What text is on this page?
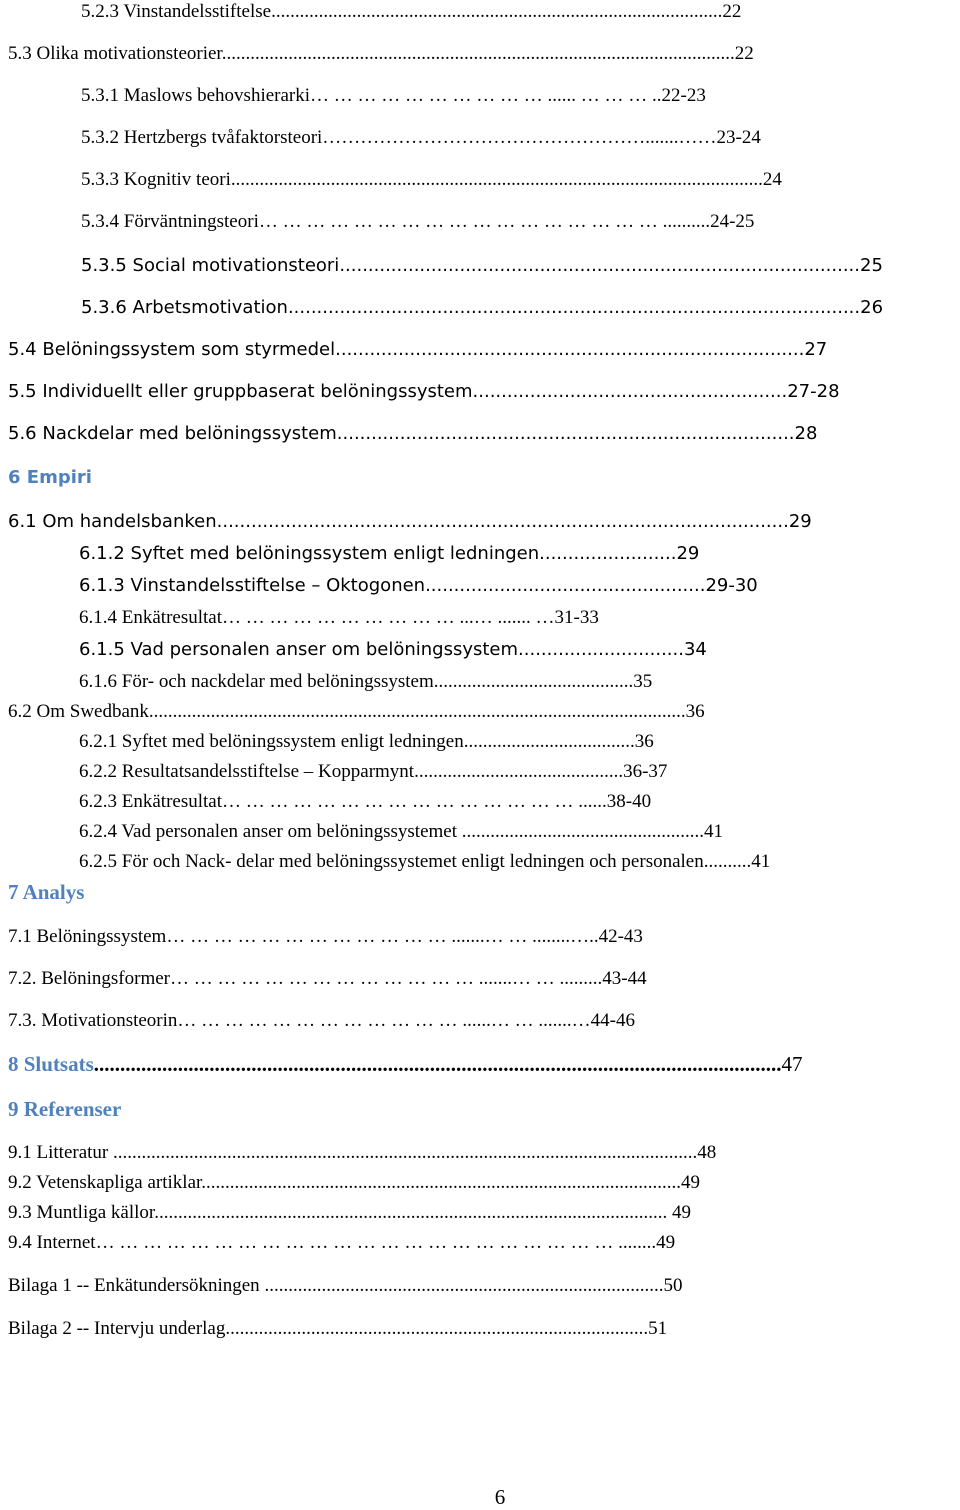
5.2.3 Vinstandelsstiftelse...............................................................................................22
5.3 Olika motivationsteorier............................................................................................................22
5.3.1 Maslows behovshierarki… … … … … … … … … … ...... … … … ..22-23
5.3.2 Hertzbergs tvåfaktorsteori…………………………………………….......……23-24
5.3.3 Kognitiv teori................................................................................................................24
5.3.4 Förväntningsteori… … … … … … … … … … … … … … … … … ..........24-25
5.3.5 Social motivationsteori...........................................................................................25
5.3.6 Arbetsmotivation....................................................................................................26
5.4 Belöningssystem som styrmedel..................................................................................27
5.5 Individuellt eller gruppbaserat belöningssystem.......................................................27-28
5.6 Nackdelar med belöningssystem................................................................................28
6 Empiri
6.1 Om handelsbanken....................................................................................................29
6.1.2 Syftet med belöningssystem enligt ledningen........................29
6.1.3 Vinstandelsstiftelse – Oktogonen.................................................29-30
6.1.4 Enkätresultat… … … … … … … … … … ...… ....... …31-33
6.1.5 Vad personalen anser om belöningssystem.............................34
6.1.6 För- och nackdelar med belöningssystem..........................................35
6.2 Om Swedbank.................................................................................................................36
6.2.1 Syftet med belöningssystem enligt ledningen....................................36
6.2.2 Resultatsandelsstiftelse – Kopparmynt............................................36-37
6.2.3 Enkätresultat… … … … … … … … … … … … … … … ......38-40
6.2.4 Vad personalen anser om belöningssystemet ...................................................41
6.2.5 För och Nack- delar med belöningssystemet enligt ledningen och personalen..........41
7 Analys
7.1 Belöningssystem… … … … … … … … … … … … .......… … ........…..42-43
7.2. Belöningsformer… … … … … … … … … … … … … .......… … .........43-44
7.3. Motivationsteorin… … … … … … … … … … … … ......… … .......…44-46
8 Slutsats...................................................................................................................................47
9 Referenser
9.1 Litteratur ...........................................................................................................................48
9.2 Vetenskapliga artiklar.....................................................................................................49
9.3 Muntliga källor............................................................................................................ 49
9.4 Internet… … … … … … … … … … … … … … … … … … … … … … ........49
Bilaga 1 -- Enkätundersökningen ....................................................................................50
Bilaga 2 -- Intervju underlag.........................................................................................51
6
